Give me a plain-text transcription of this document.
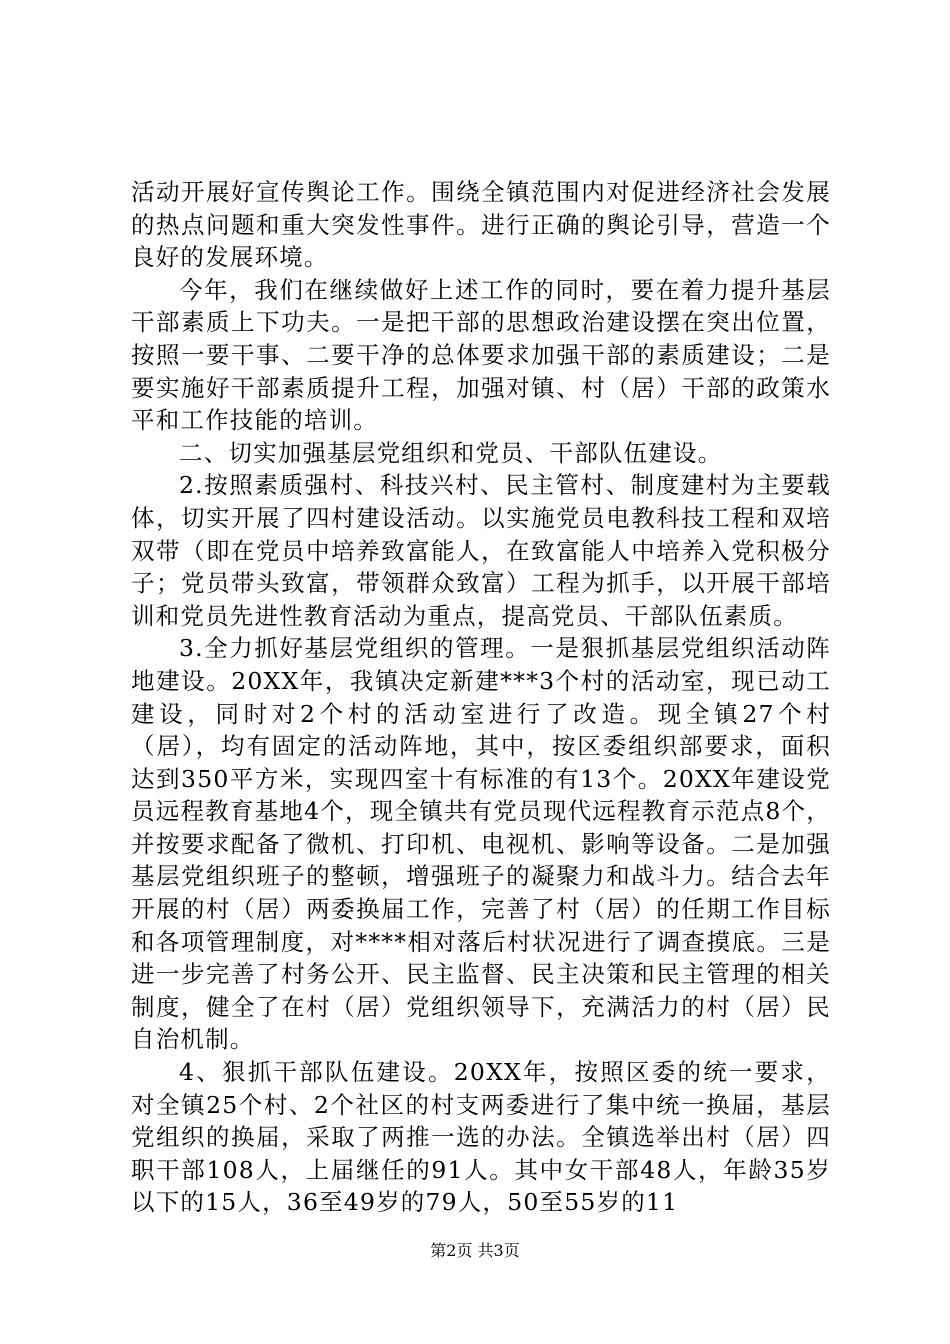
活动开展好宣传舆论工作。围绕全镇范围内对促进经济社会发展的热点问题和重大突发性事件。进行正确的舆论引导，营造一个良好的发展环境。

今年，我们在继续做好上述工作的同时，要在着力提升基层干部素质上下功夫。一是把干部的思想政治建设摆在突出位置，按照一要干事、二要干净的总体要求加强干部的素质建设；二是要实施好干部素质提升工程，加强对镇、村（居）干部的政策水平和工作技能的培训。

二、切实加强基层党组织和党员、干部队伍建设。

2.按照素质强村、科技兴村、民主管村、制度建村为主要载体，切实开展了四村建设活动。以实施党员电教科技工程和双培双带（即在党员中培养致富能人，在致富能人中培养入党积极分子；党员带头致富，带领群众致富）工程为抓手，以开展干部培训和党员先进性教育活动为重点，提高党员、干部队伍素质。

3.全力抓好基层党组织的管理。一是狠抓基层党组织活动阵地建设。20XX年，我镇决定新建***3个村的活动室，现已动工建设，同时对2个村的活动室进行了改造。现全镇27个村（居），均有固定的活动阵地，其中，按区委组织部要求，面积达到350平方米，实现四室十有标准的有13个。20XX年建设党员远程教育基地4个，现全镇共有党员现代远程教育示范点8个，并按要求配备了微机、打印机、电视机、影响等设备。二是加强基层党组织班子的整顿，增强班子的凝聚力和战斗力。结合去年开展的村（居）两委换届工作，完善了村（居）的任期工作目标和各项管理制度，对****相对落后村状况进行了调查摸底。三是进一步完善了村务公开、民主监督、民主决策和民主管理的相关制度，健全了在村（居）党组织领导下，充满活力的村（居）民自治机制。

4、狠抓干部队伍建设。20XX年，按照区委的统一要求，对全镇25个村、2个社区的村支两委进行了集中统一换届，基层党组织的换届，采取了两推一选的办法。全镇选举出村（居）四职干部108人，上届继任的91人。其中女干部48人，年龄35岁以下的15人，36至49岁的79人，50至55岁的11

第2页 共3页
